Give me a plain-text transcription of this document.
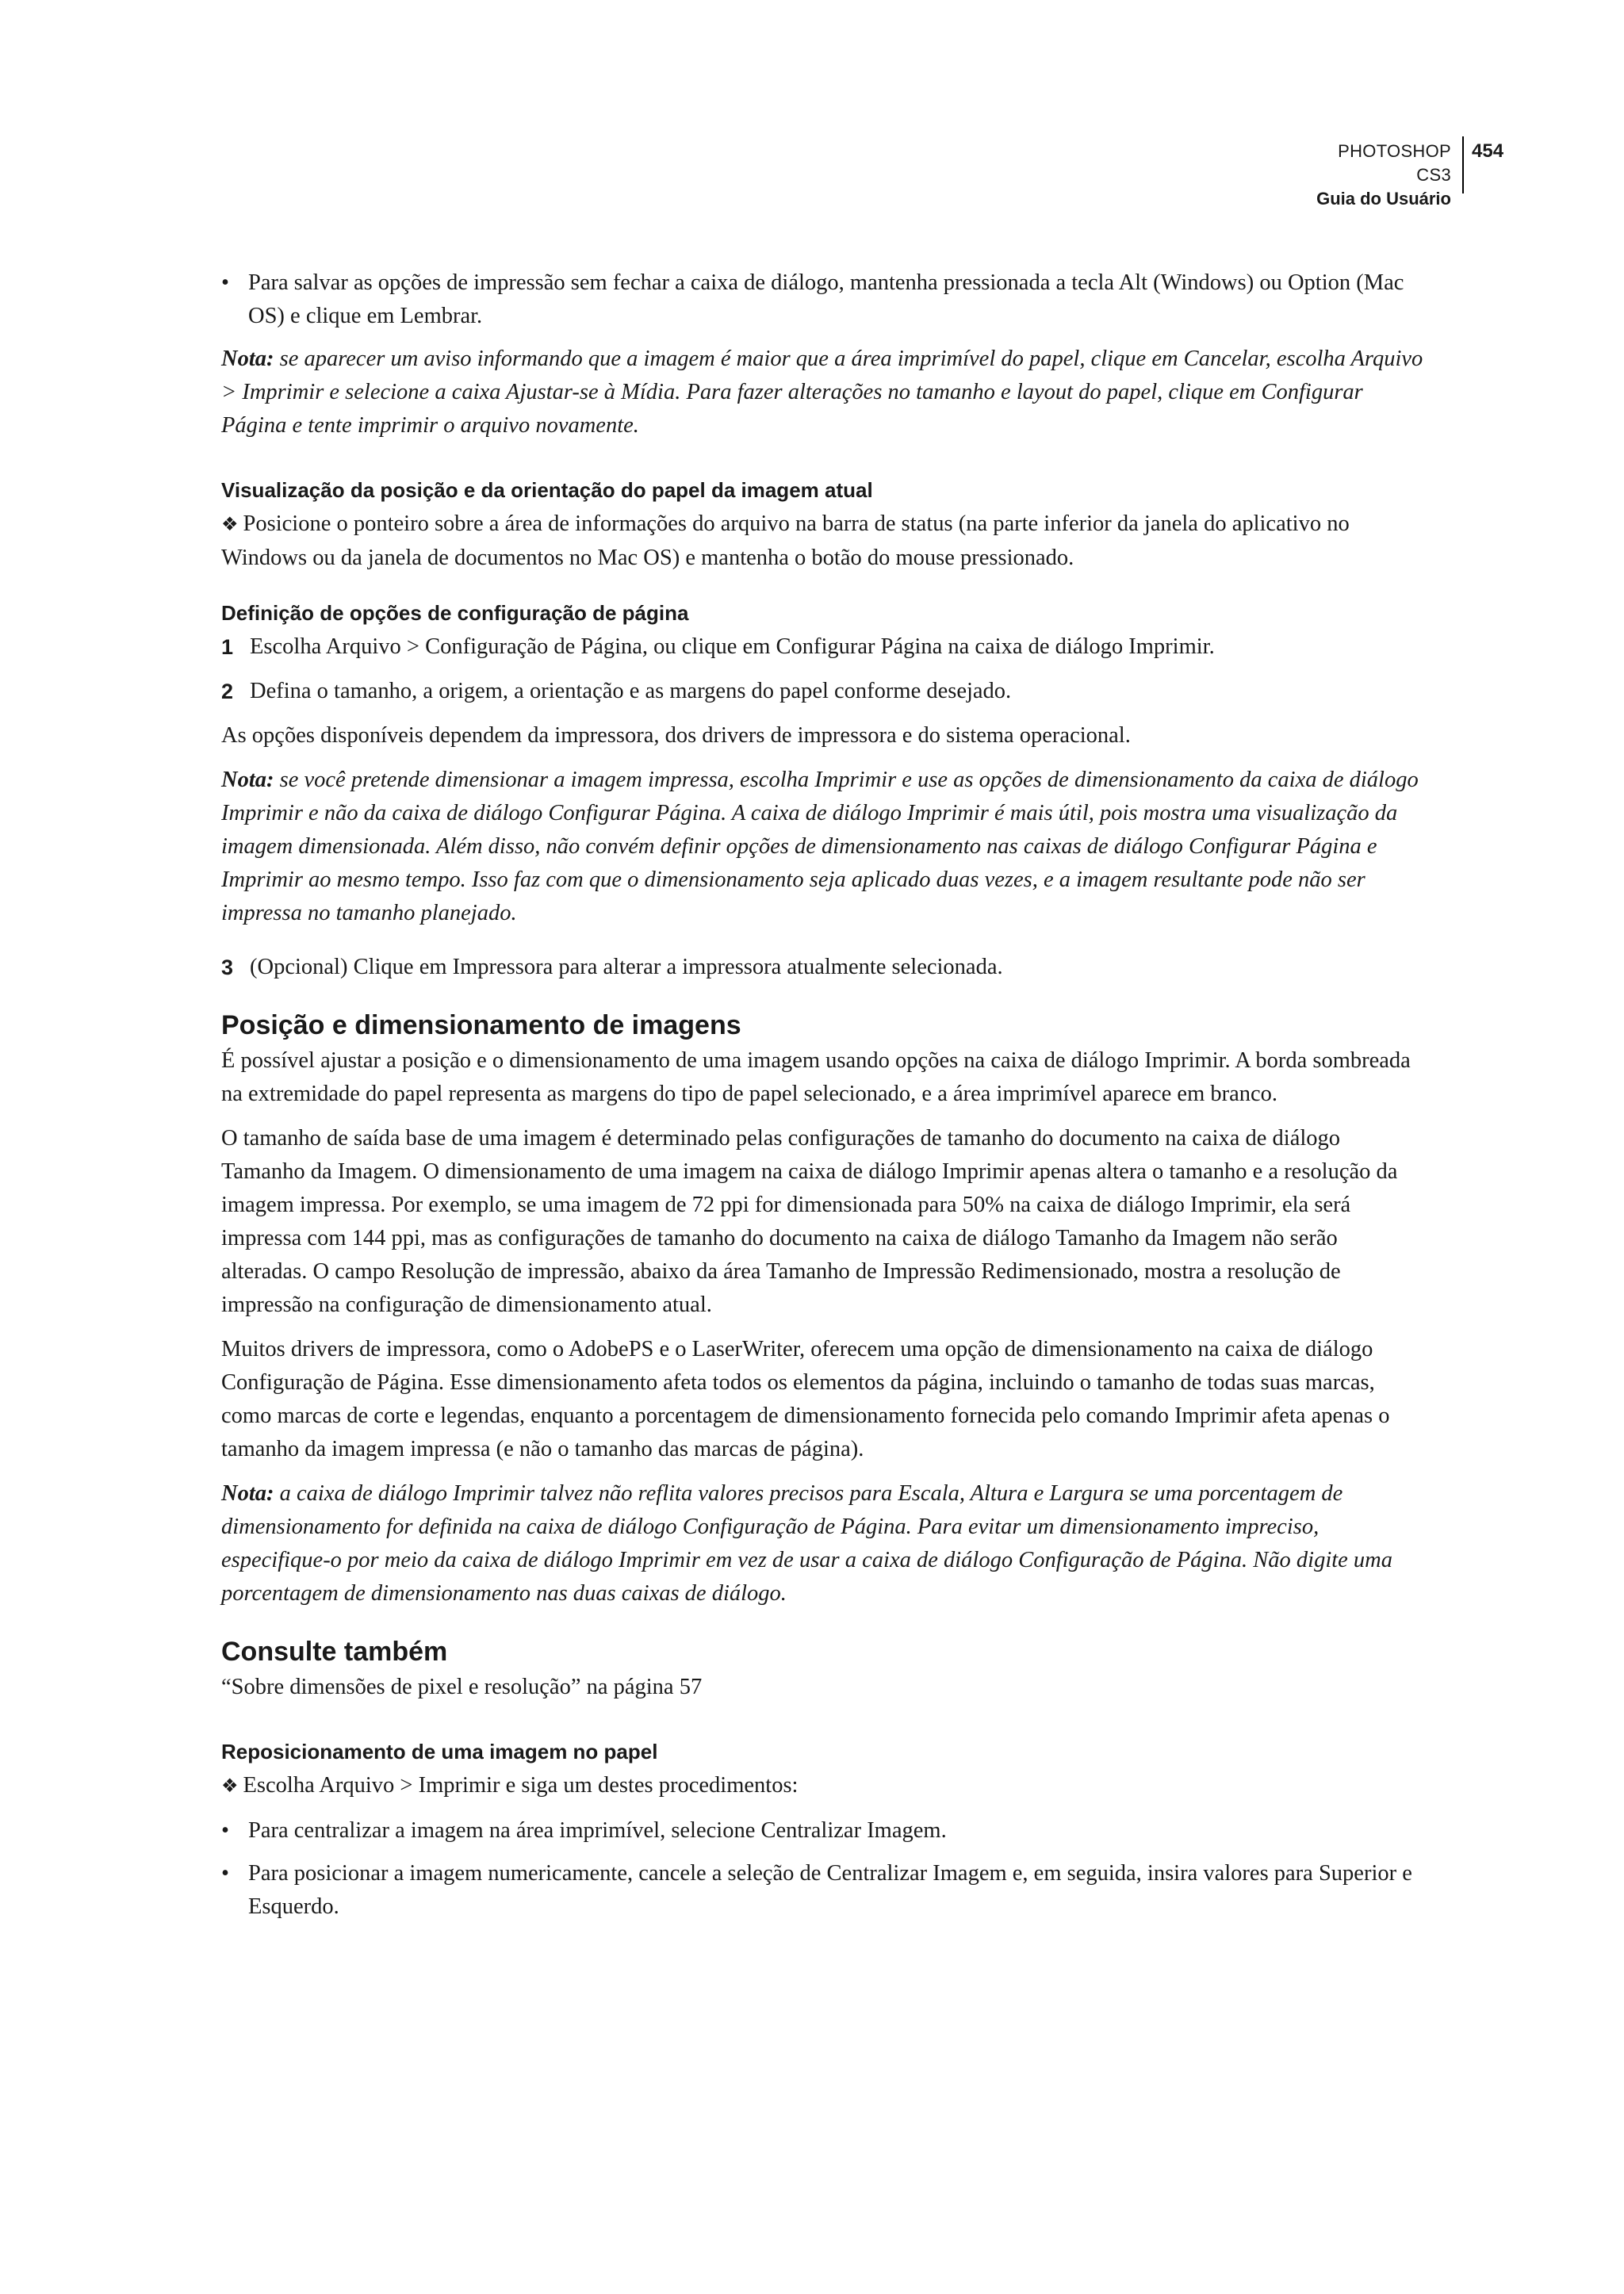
PHOTOSHOP CS3
Guia do Usuário
454
• Para salvar as opções de impressão sem fechar a caixa de diálogo, mantenha pressionada a tecla Alt (Windows) ou Option (Mac OS) e clique em Lembrar.

Nota: se aparecer um aviso informando que a imagem é maior que a área imprimível do papel, clique em Cancelar, escolha Arquivo > Imprimir e selecione a caixa Ajustar-se à Mídia. Para fazer alterações no tamanho e layout do papel, clique em Configurar Página e tente imprimir o arquivo novamente.

Visualização da posição e da orientação do papel da imagem atual

❖ Posicione o ponteiro sobre a área de informações do arquivo na barra de status (na parte inferior da janela do aplicativo no Windows ou da janela de documentos no Mac OS) e mantenha o botão do mouse pressionado.

Definição de opções de configuração de página
1 Escolha Arquivo > Configuração de Página, ou clique em Configurar Página na caixa de diálogo Imprimir.
2 Defina o tamanho, a origem, a orientação e as margens do papel conforme desejado.

As opções disponíveis dependem da impressora, dos drivers de impressora e do sistema operacional.

Nota: se você pretende dimensionar a imagem impressa, escolha Imprimir e use as opções de dimensionamento da caixa de diálogo Imprimir e não da caixa de diálogo Configurar Página. A caixa de diálogo Imprimir é mais útil, pois mostra uma visualização da imagem dimensionada. Além disso, não convém definir opções de dimensionamento nas caixas de diálogo Configurar Página e Imprimir ao mesmo tempo. Isso faz com que o dimensionamento seja aplicado duas vezes, e a imagem resultante pode não ser impressa no tamanho planejado.

3 (Opcional) Clique em Impressora para alterar a impressora atualmente selecionada.
Posição e dimensionamento de imagens

É possível ajustar a posição e o dimensionamento de uma imagem usando opções na caixa de diálogo Imprimir. A borda sombreada na extremidade do papel representa as margens do tipo de papel selecionado, e a área imprimível aparece em branco.

O tamanho de saída base de uma imagem é determinado pelas configurações de tamanho do documento na caixa de diálogo Tamanho da Imagem. O dimensionamento de uma imagem na caixa de diálogo Imprimir apenas altera o tamanho e a resolução da imagem impressa. Por exemplo, se uma imagem de 72 ppi for dimensionada para 50% na caixa de diálogo Imprimir, ela será impressa com 144 ppi, mas as configurações de tamanho do documento na caixa de diálogo Tamanho da Imagem não serão alteradas. O campo Resolução de impressão, abaixo da área Tamanho de Impressão Redimensionado, mostra a resolução de impressão na configuração de dimensionamento atual.

Muitos drivers de impressora, como o AdobePS e o LaserWriter, oferecem uma opção de dimensionamento na caixa de diálogo Configuração de Página. Esse dimensionamento afeta todos os elementos da página, incluindo o tamanho de todas suas marcas, como marcas de corte e legendas, enquanto a porcentagem de dimensionamento fornecida pelo comando Imprimir afeta apenas o tamanho da imagem impressa (e não o tamanho das marcas de página).

Nota: a caixa de diálogo Imprimir talvez não reflita valores precisos para Escala, Altura e Largura se uma porcentagem de dimensionamento for definida na caixa de diálogo Configuração de Página. Para evitar um dimensionamento impreciso, especifique-o por meio da caixa de diálogo Imprimir em vez de usar a caixa de diálogo Configuração de Página. Não digite uma porcentagem de dimensionamento nas duas caixas de diálogo.

Consulte também

“Sobre dimensões de pixel e resolução” na página 57

Reposicionamento de uma imagem no papel

❖ Escolha Arquivo > Imprimir e siga um destes procedimentos:

• Para centralizar a imagem na área imprimível, selecione Centralizar Imagem.
• Para posicionar a imagem numericamente, cancele a seleção de Centralizar Imagem e, em seguida, insira valores para Superior e Esquerdo.
